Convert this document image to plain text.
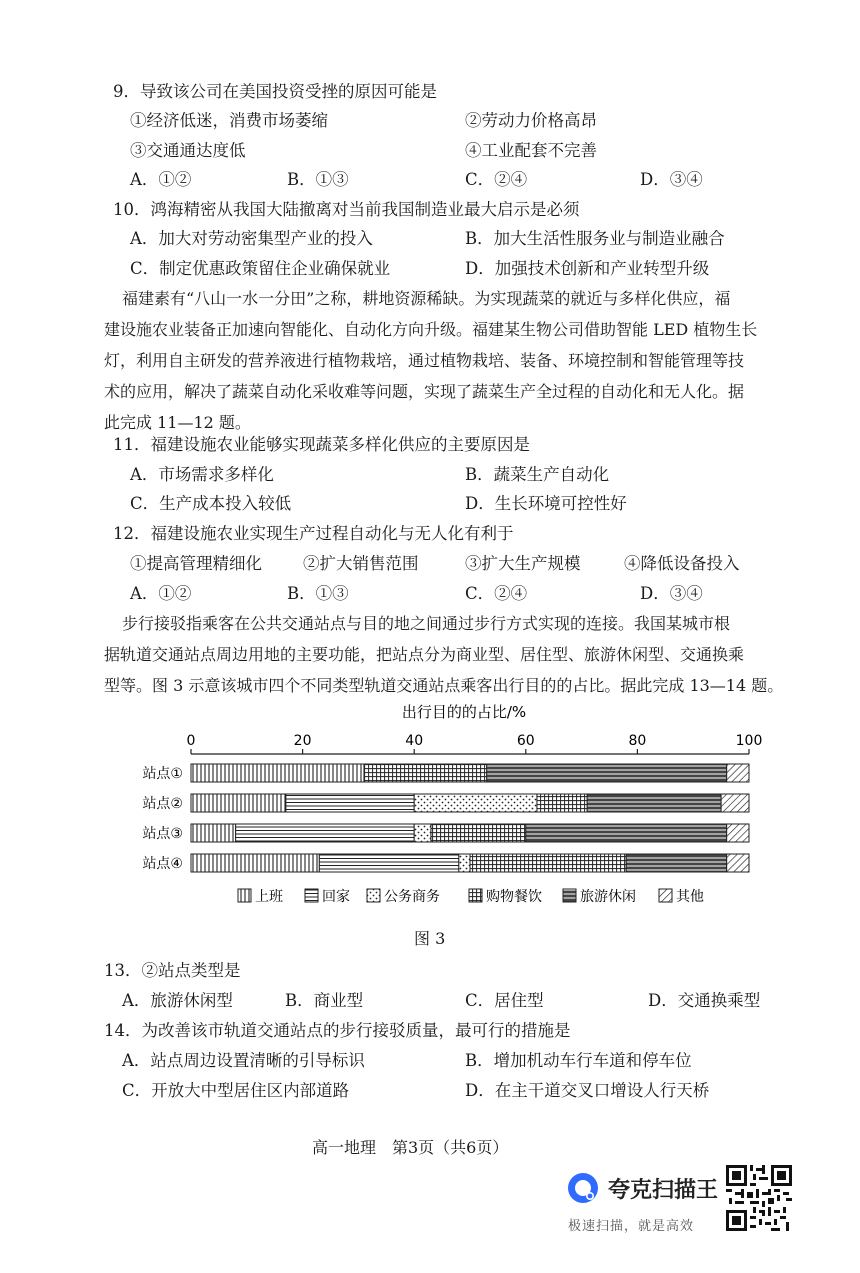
9．导致该公司在美国投资受挫的原因可能是
①经济低迷，消费市场萎缩	②劳动力价格高昂
③交通通达度低	④工业配套不完善
A．①②	B．①③	C．②④	D．③④
10．鸿海精密从我国大陆撤离对当前我国制造业最大启示是必须
A．加大对劳动密集型产业的投入	B．加大生活性服务业与制造业融合
C．制定优惠政策留住企业确保就业	D．加强技术创新和产业转型升级
福建素有“八山一水一分田”之称，耕地资源稀缺。为实现蔬菜的就近与多样化供应，福
建设施农业装备正加速向智能化、自动化方向升级。福建某生物公司借助智能 LED 植物生长
灯，利用自主研发的营养液进行植物栽培，通过植物栽培、装备、环境控制和智能管理等技
术的应用，解决了蔬菜自动化采收难等问题，实现了蔬菜生产全过程的自动化和无人化。据
此完成 11—12 题。
11．福建设施农业能够实现蔬菜多样化供应的主要原因是
A．市场需求多样化	B．蔬菜生产自动化
C．生产成本投入较低	D．生长环境可控性好
12．福建设施农业实现生产过程自动化与无人化有利于
①提高管理精细化 ②扩大销售范围	③扩大生产规模	④降低设备投入
A．①②	B．①③	C．②④	D．③④
步行接驳指乘客在公共交通站点与目的地之间通过步行方式实现的连接。我国某城市根
据轨道交通站点周边用地的主要功能，把站点分为商业型、居住型、旅游休闲型、交通换乘
型等。图 3 示意该城市四个不同类型轨道交通站点乘客出行目的的占比。据此完成 13—14 题。
出行目的的占比/%
0	20	40	60	80	100
站点①
站点②
站点③
站点④
上班	回家 公务商务	购物餐饮	旅游休闲	其他
图 3
13．②站点类型是
A．旅游休闲型	B．商业型	C．居住型	D．交通换乘型
14．为改善该市轨道交通站点的步行接驳质量，最可行的措施是
A．站点周边设置清晰的引导标识	B．增加机动车行车道和停车位
C．开放大中型居住区内部道路	D．在主干道交叉口增设人行天桥
高一地理　第3页（共6页）
夸克扫描王
极速扫描，就是高效
